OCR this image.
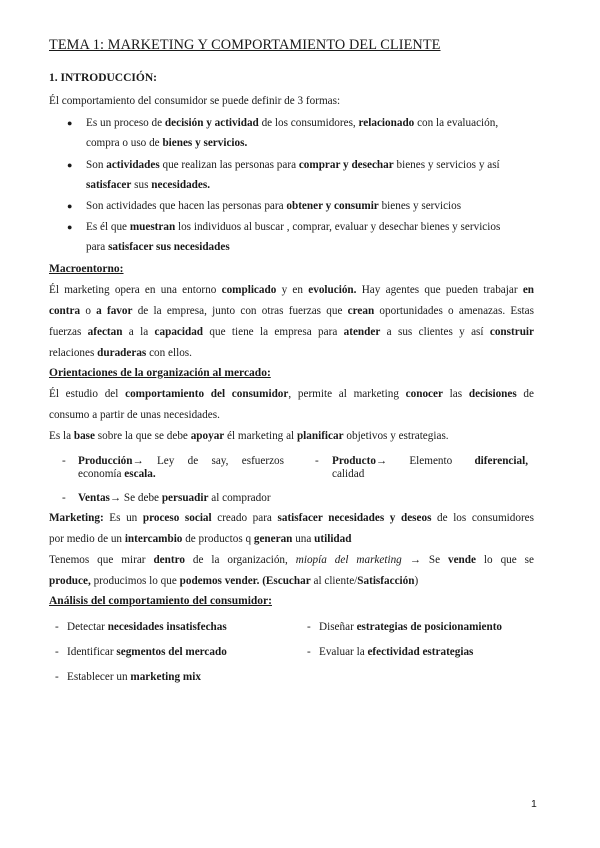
TEMA 1: MARKETING Y COMPORTAMIENTO DEL CLIENTE
1. INTRODUCCIÓN:
Él comportamiento del consumidor se puede definir de 3 formas:
● Es un proceso de decisión y actividad de los consumidores, relacionado con la evaluación,
compra o uso de bienes y servicios.
● Son actividades que realizan las personas para comprar y desechar bienes y servicios y así
satisfacer sus necesidades.
● Son actividades que hacen las personas para obtener y consumir bienes y servicios
● Es él que muestran los individuos al buscar , comprar, evaluar y desechar bienes y servicios
para satisfacer sus necesidades
Macroentorno:
Él marketing opera en una entorno complicado y en evolución. Hay agentes que pueden trabajar en
contra o a favor de la empresa, junto con otras fuerzas que crean oportunidades o amenazas. Estas
fuerzas afectan a la capacidad que tiene la empresa para atender a sus clientes y así construir
relaciones duraderas con ellos.
Orientaciones de la organización al mercado:
Él estudio del comportamiento del consumidor, permite al marketing conocer las decisiones de
consumo a partir de unas necesidades.
Es la base sobre la que se debe apoyar él marketing al planificar objetivos y estrategias.
- Producción→ Ley de say, esfuerzos
economía escala.
- Producto→ Elemento diferencial,
calidad
- Ventas→ Se debe persuadir al comprador
Marketing: Es un proceso social creado para satisfacer necesidades y deseos de los consumidores
por medio de un intercambio de productos q generan una utilidad
Tenemos que mirar dentro de la organización, miopía del marketing → Se vende lo que se
produce, producimos lo que podemos vender. (Escuchar al cliente/Satisfacción)
Análisis del comportamiento del consumidor:
- Detectar necesidades insatisfechas	- Diseñar estrategias de posicionamiento
- Identificar segmentos del mercado	- Evaluar la efectividad estrategias
- Establecer un marketing mix
1
